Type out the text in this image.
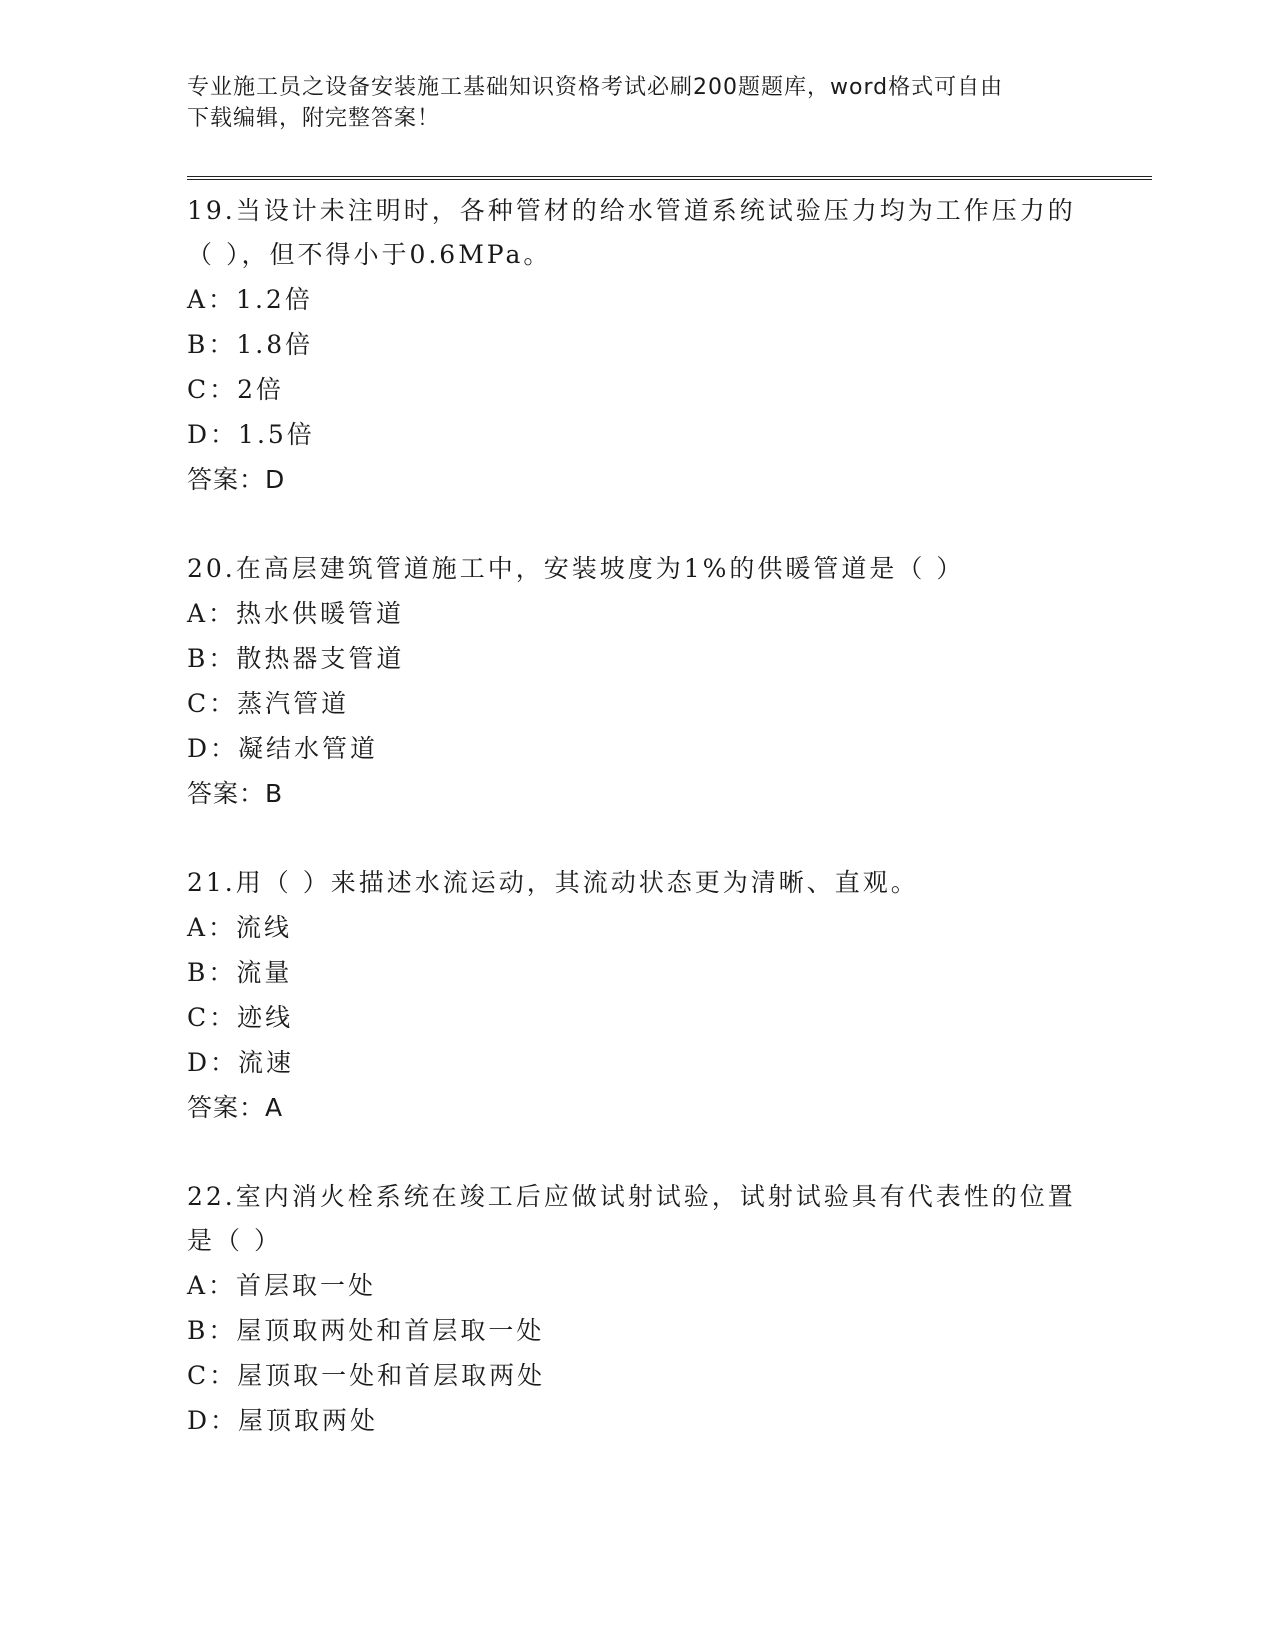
专业施工员之设备安装施工基础知识资格考试必刷200题题库，word格式可自由
下载编辑，附完整答案！

19.当设计未注明时，各种管材的给水管道系统试验压力均为工作压力的（ ），但不得小于0.6MPa。

A：1.2倍
B：1.8倍
C：2倍
D：1.5倍
答案：D

20.在高层建筑管道施工中，安装坡度为1%的供暖管道是（ ）

A：热水供暖管道
B：散热器支管道
C：蒸汽管道
D：凝结水管道
答案：B

21.用（ ）来描述水流运动，其流动状态更为清晰、直观。

A：流线
B：流量
C：迹线
D：流速
答案：A

22.室内消火栓系统在竣工后应做试射试验，试射试验具有代表性的位置是（ ）

A：首层取一处
B：屋顶取两处和首层取一处
C：屋顶取一处和首层取两处
D：屋顶取两处
